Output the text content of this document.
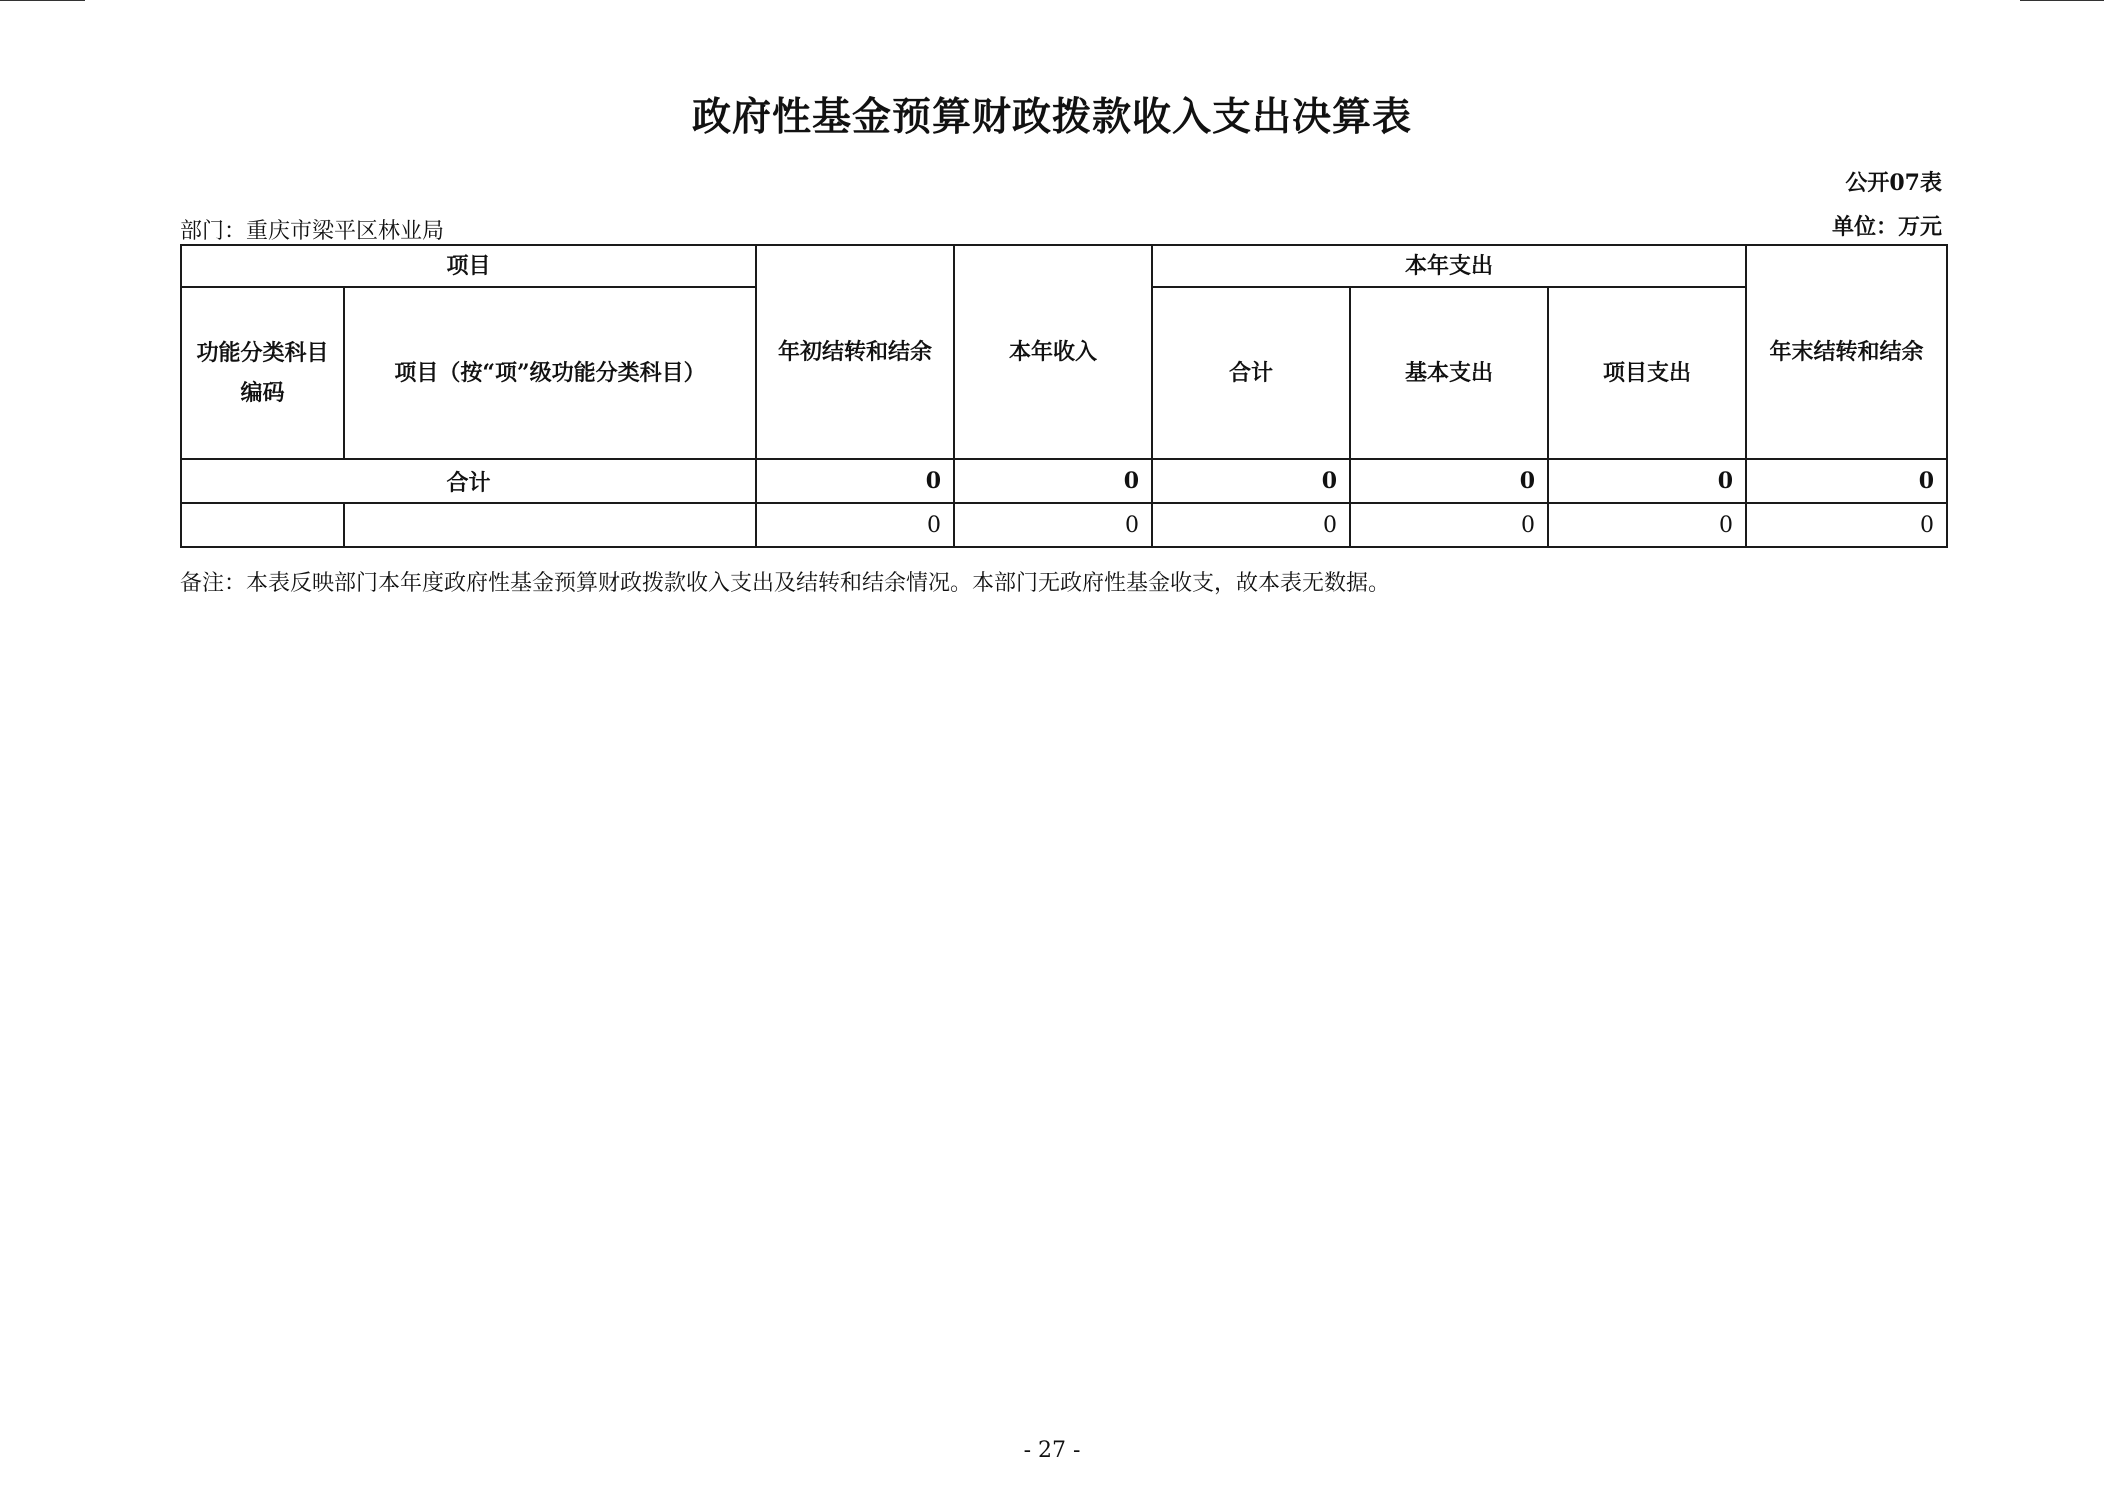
政府性基金预算财政拨款收入支出决算表
公开07表
部门：重庆市梁平区林业局	单位：万元
项目		年初结转和结余	本年收入	本年支出			年末结转和结余
功能分类科目编码	项目（按“项”级功能分类科目）			合计	基本支出	项目支出	
合计		0	0	0	0	0	0
		0	0	0	0	0	0
备注：本表反映部门本年度政府性基金预算财政拨款收入支出及结转和结余情况。本部门无政府性基金收支，故本表无数据。
- 27 -
